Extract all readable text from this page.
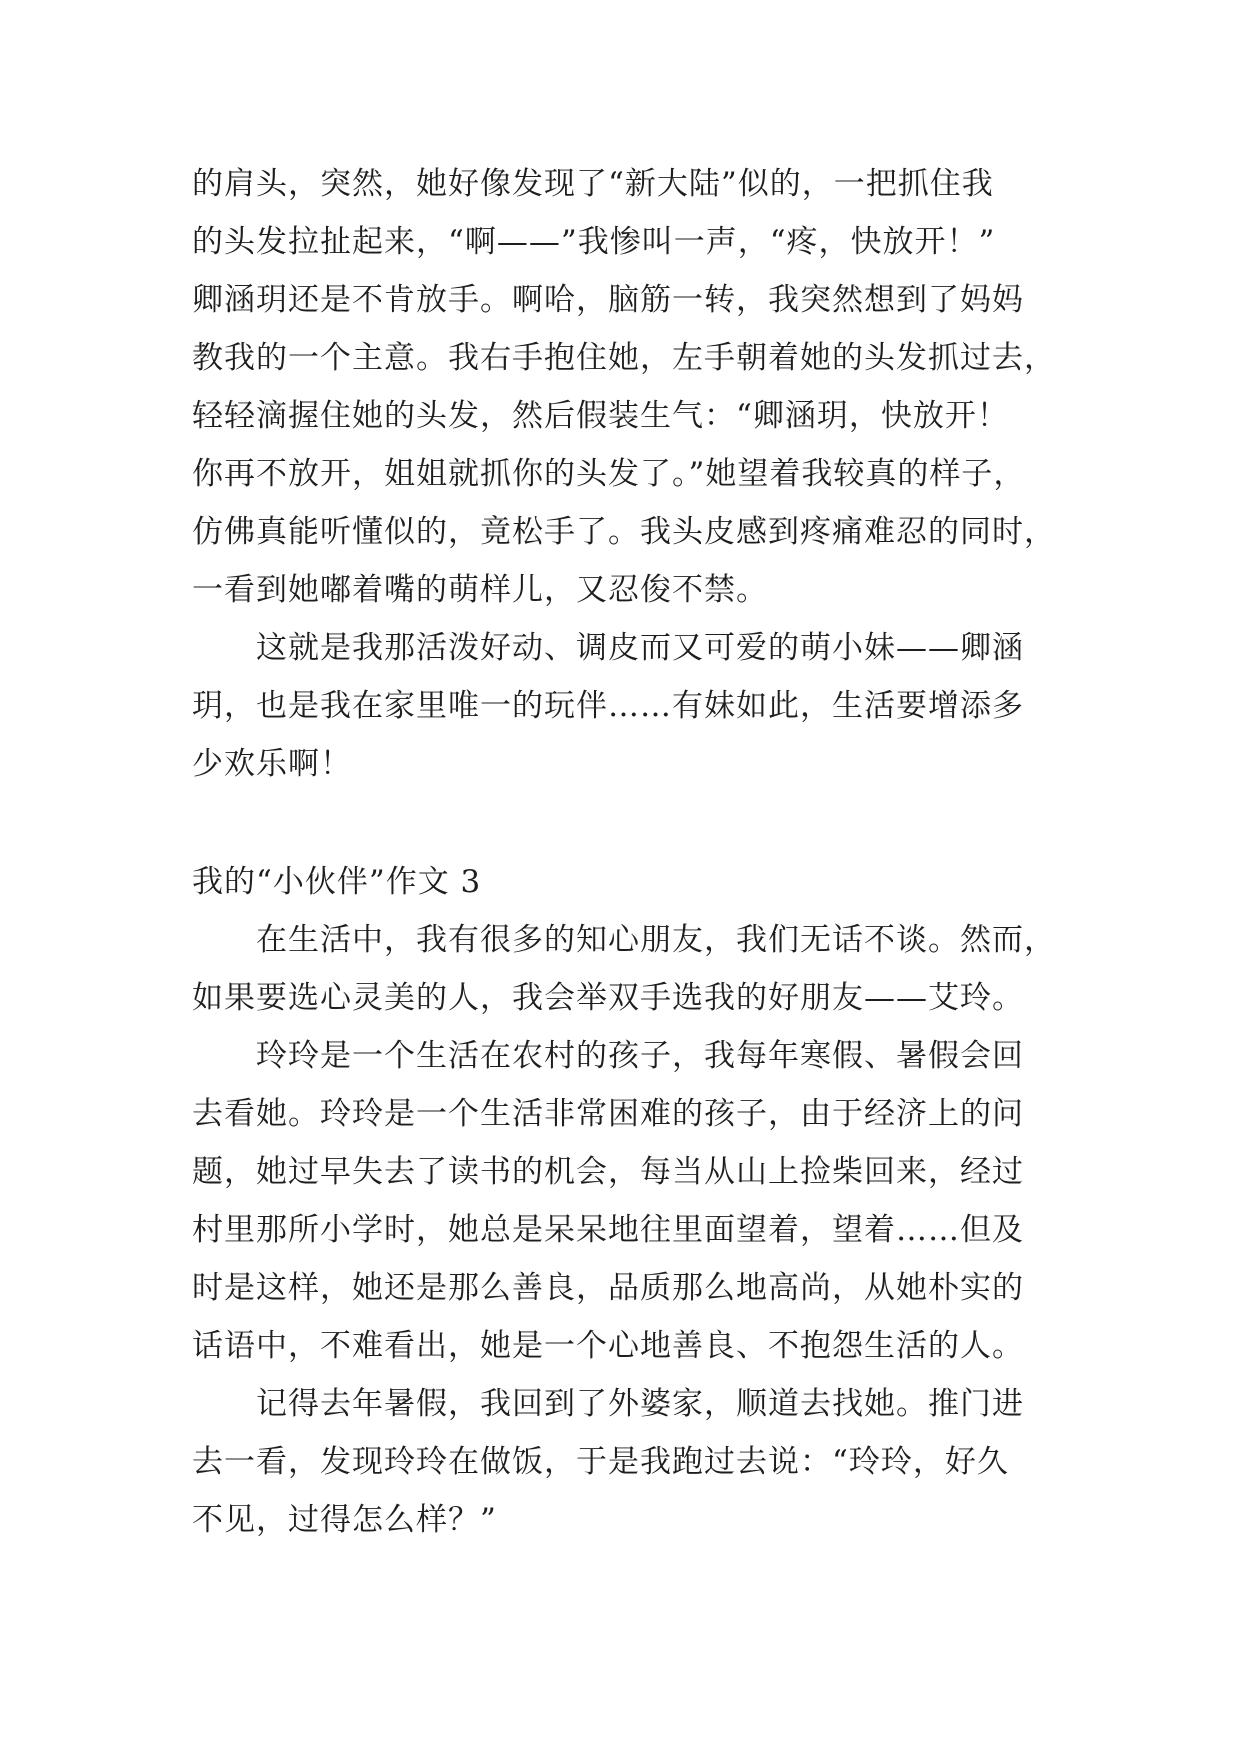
的肩头，突然，她好像发现了“新大陆”似的，一把抓住我
的头发拉扯起来，“啊——”我惨叫一声，“疼，快放开！”
卿涵玥还是不肯放手。啊哈，脑筋一转，我突然想到了妈妈
教我的一个主意。我右手抱住她，左手朝着她的头发抓过去，
轻轻滴握住她的头发，然后假装生气：“卿涵玥，快放开！
你再不放开，姐姐就抓你的头发了。”她望着我较真的样子，
仿佛真能听懂似的，竟松手了。我头皮感到疼痛难忍的同时，
一看到她嘟着嘴的萌样儿，又忍俊不禁。
这就是我那活泼好动、调皮而又可爱的萌小妹——卿涵
玥，也是我在家里唯一的玩伴……有妹如此，生活要增添多
少欢乐啊！
我的“小伙伴”作文 3
在生活中，我有很多的知心朋友，我们无话不谈。然而，
如果要选心灵美的人，我会举双手选我的好朋友——艾玲。
玲玲是一个生活在农村的孩子，我每年寒假、暑假会回
去看她。玲玲是一个生活非常困难的孩子，由于经济上的问
题，她过早失去了读书的机会，每当从山上捡柴回来，经过
村里那所小学时，她总是呆呆地往里面望着，望着……但及
时是这样，她还是那么善良，品质那么地高尚，从她朴实的
话语中，不难看出，她是一个心地善良、不抱怨生活的人。
记得去年暑假，我回到了外婆家，顺道去找她。推门进
去一看，发现玲玲在做饭，于是我跑过去说：“玲玲，好久
不见，过得怎么样？”
